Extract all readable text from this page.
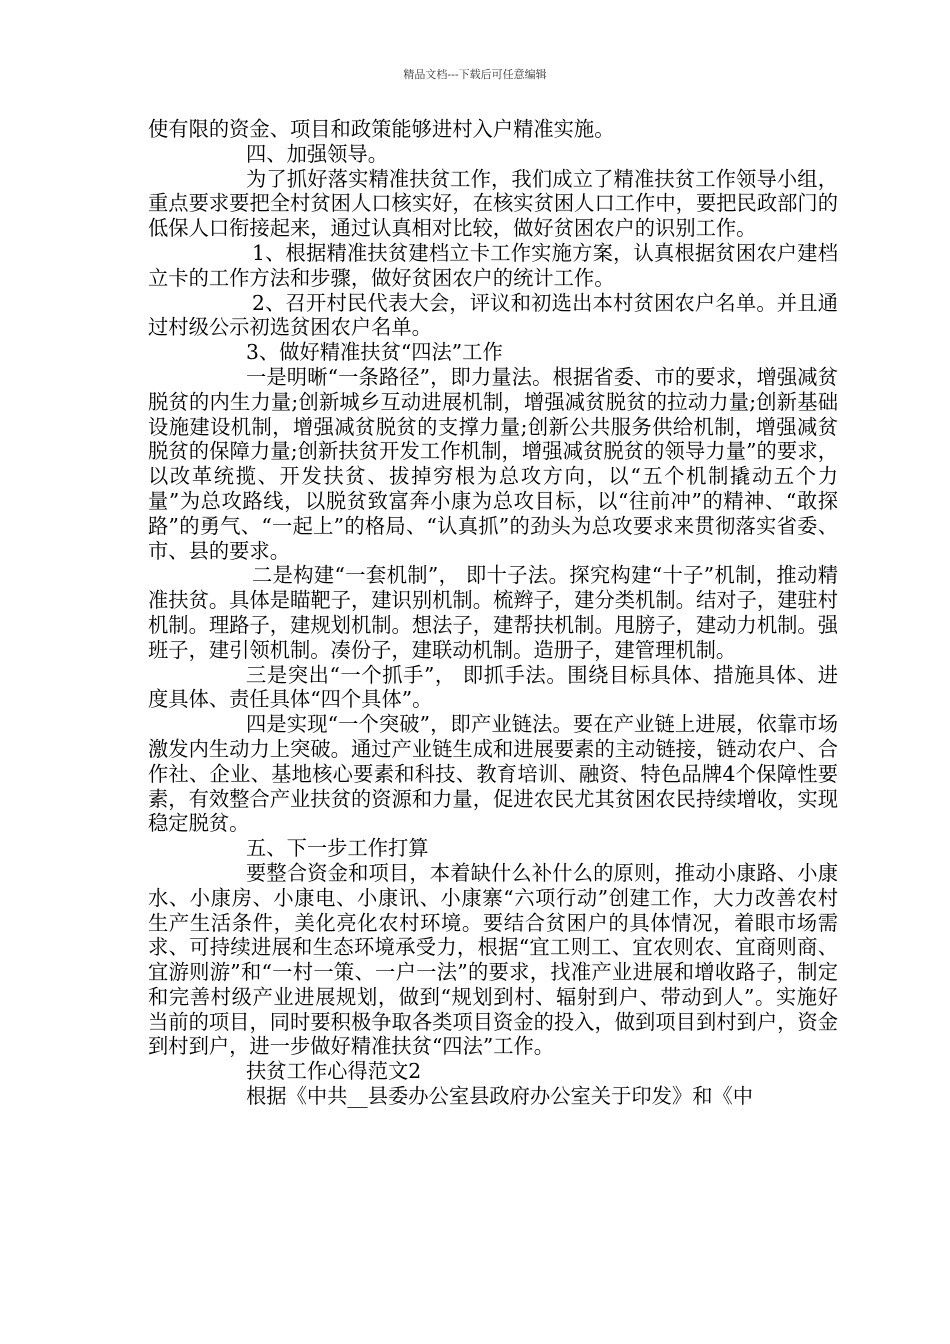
精品文档---下载后可任意编辑

使有限的资金、项目和政策能够进村入户精准实施。

四、加强领导。

为了抓好落实精准扶贫工作，我们成立了精准扶贫工作领导小组，重点要求要把全村贫困人口核实好，在核实贫困人口工作中，要把民政部门的低保人口衔接起来，通过认真相对比较，做好贫困农户的识别工作。

1、根据精准扶贫建档立卡工作实施方案，认真根据贫困农户建档立卡的工作方法和步骤，做好贫困农户的统计工作。

2、召开村民代表大会，评议和初选出本村贫困农户名单。并且通过村级公示初选贫困农户名单。

3、做好精准扶贫“四法”工作

一是明晰“一条路径”，即力量法。根据省委、市的要求，增强减贫脱贫的内生力量;创新城乡互动进展机制，增强减贫脱贫的拉动力量;创新基础设施建设机制，增强减贫脱贫的支撑力量;创新公共服务供给机制，增强减贫脱贫的保障力量;创新扶贫开发工作机制，增强减贫脱贫的领导力量”的要求，以改革统揽、开发扶贫、拔掉穷根为总攻方向，以“五个机制撬动五个力量”为总攻路线，以脱贫致富奔小康为总攻目标，以“往前冲”的精神、“敢探路”的勇气、“一起上”的格局、“认真抓”的劲头为总攻要求来贯彻落实省委、市、县的要求。

二是构建“一套机制”， 即十子法。探究构建“十子”机制，推动精准扶贫。具体是瞄靶子，建识别机制。梳辫子，建分类机制。结对子，建驻村机制。理路子，建规划机制。想法子，建帮扶机制。甩膀子，建动力机制。强班子，建引领机制。凑份子，建联动机制。造册子，建管理机制。

三是突出“一个抓手”， 即抓手法。围绕目标具体、措施具体、进度具体、责任具体“四个具体”。

四是实现“一个突破”，即产业链法。要在产业链上进展，依靠市场激发内生动力上突破。通过产业链生成和进展要素的主动链接，链动农户、合作社、企业、基地核心要素和科技、教育培训、融资、特色品牌4个保障性要素，有效整合产业扶贫的资源和力量，促进农民尤其贫困农民持续增收，实现稳定脱贫。

五、下一步工作打算

要整合资金和项目，本着缺什么补什么的原则，推动小康路、小康水、小康房、小康电、小康讯、小康寨“六项行动”创建工作，大力改善农村生产生活条件，美化亮化农村环境。要结合贫困户的具体情况，着眼市场需求、可持续进展和生态环境承受力，根据“宜工则工、宜农则农、宜商则商、宜游则游”和“一村一策、一户一法”的要求，找准产业进展和增收路子，制定和完善村级产业进展规划，做到“规划到村、辐射到户、带动到人”。实施好当前的项目，同时要积极争取各类项目资金的投入，做到项目到村到户，资金到村到户，进一步做好精准扶贫“四法”工作。

扶贫工作心得范文2

根据《中共__县委办公室县政府办公室关于印发》和《中
